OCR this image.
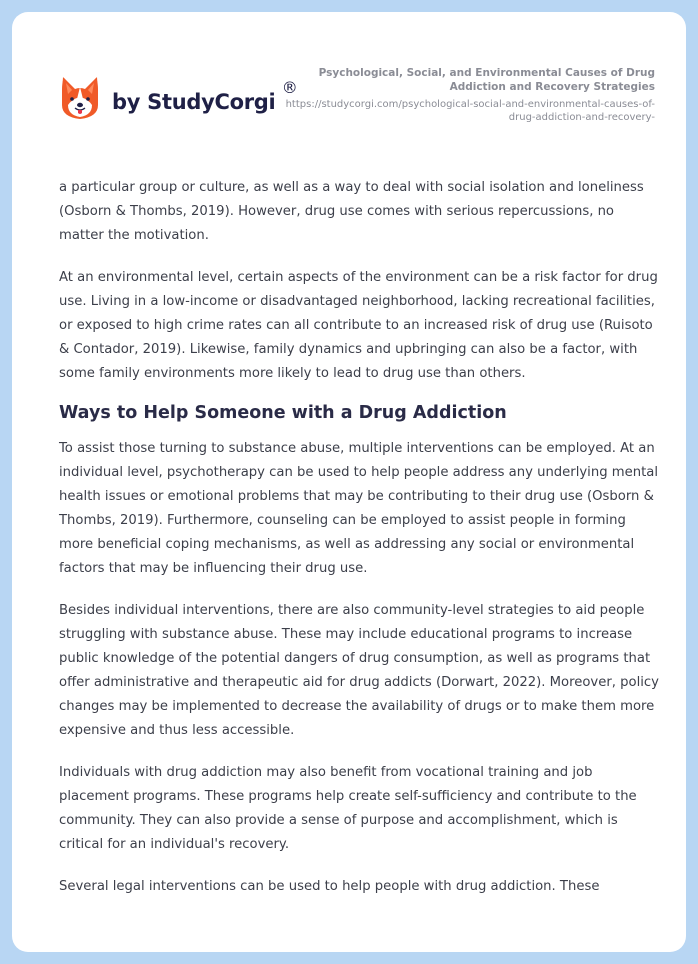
by StudyCorgi
®
Psychological, Social, and Environmental Causes of Drug Addiction and Recovery Strategies
https://studycorgi.com/psychological-social-and-environmental-causes-of-drug-addiction-and-recovery-

a particular group or culture, as well as a way to deal with social isolation and loneliness (Osborn & Thombs, 2019). However, drug use comes with serious repercussions, no matter the motivation.

At an environmental level, certain aspects of the environment can be a risk factor for drug use. Living in a low-income or disadvantaged neighborhood, lacking recreational facilities, or exposed to high crime rates can all contribute to an increased risk of drug use (Ruisoto & Contador, 2019). Likewise, family dynamics and upbringing can also be a factor, with some family environments more likely to lead to drug use than others.

Ways to Help Someone with a Drug Addiction

To assist those turning to substance abuse, multiple interventions can be employed. At an individual level, psychotherapy can be used to help people address any underlying mental health issues or emotional problems that may be contributing to their drug use (Osborn & Thombs, 2019). Furthermore, counseling can be employed to assist people in forming more beneficial coping mechanisms, as well as addressing any social or environmental factors that may be influencing their drug use.

Besides individual interventions, there are also community-level strategies to aid people struggling with substance abuse. These may include educational programs to increase public knowledge of the potential dangers of drug consumption, as well as programs that offer administrative and therapeutic aid for drug addicts (Dorwart, 2022). Moreover, policy changes may be implemented to decrease the availability of drugs or to make them more expensive and thus less accessible.

Individuals with drug addiction may also benefit from vocational training and job placement programs. These programs help create self-sufficiency and contribute to the community. They can also provide a sense of purpose and accomplishment, which is critical for an individual's recovery.

Several legal interventions can be used to help people with drug addiction. These
